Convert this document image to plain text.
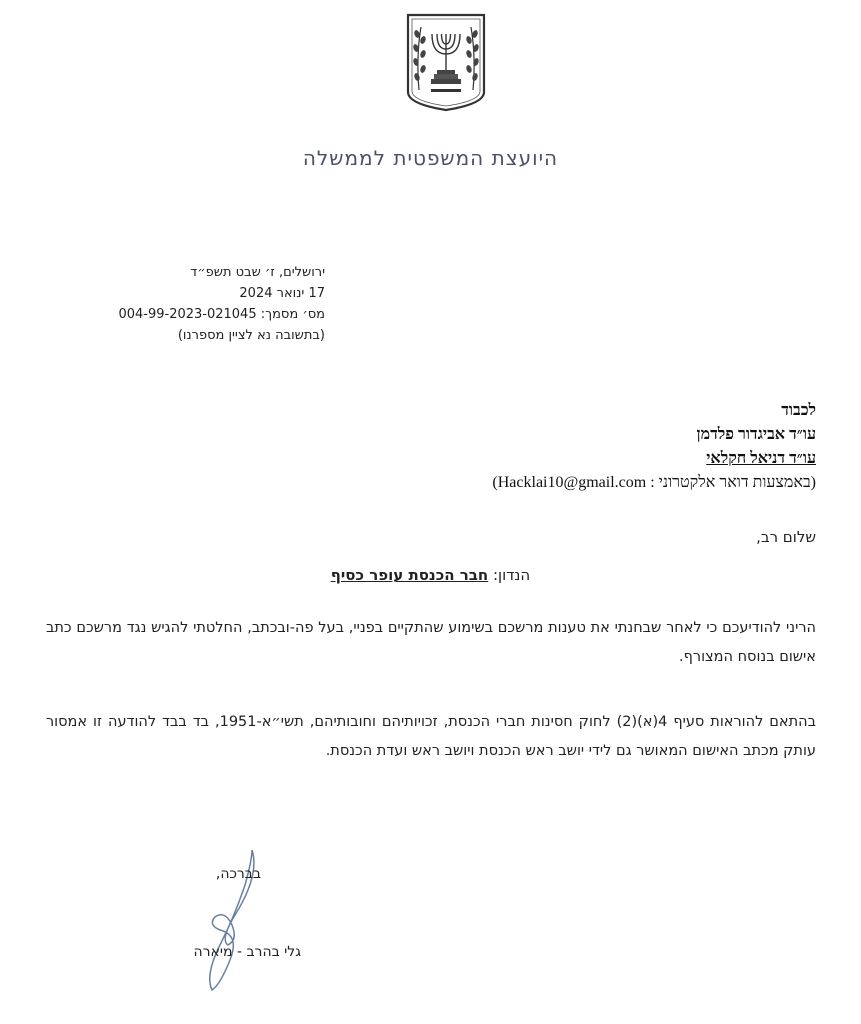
היועצת המשפטית לממשלה
ירושלים, ז׳ שבט תשפ״ד
17 ינואר 2024
מס׳ מסמך: 004-99-2023-021045
(בתשובה נא לציין מספרנו)
לכבוד
עו״ד אביגדור פלדמן
עו״ד דניאל חקלאי
(באמצעות דואר אלקטרוני : Hacklai10@gmail.com)
שלום רב,
הנדון: חבר הכנסת עופר כסיף
הריני להודיעכם כי לאחר שבחנתי את טענות מרשכם בשימוע שהתקיים בפניי, בעל פה-ובכתב, החלטתי להגיש נגד מרשכם כתב אישום בנוסח המצורף.
בהתאם להוראות סעיף 4(א)(2) לחוק חסינות חברי הכנסת, זכויותיהם וחובותיהם, תשי״א-1951, בד בבד להודעה זו אמסור עותק מכתב האישום המאושר גם לידי יושב ראש הכנסת ויושב ראש ועדת הכנסת.
בברכה,
גלי בהרב - מיארה
